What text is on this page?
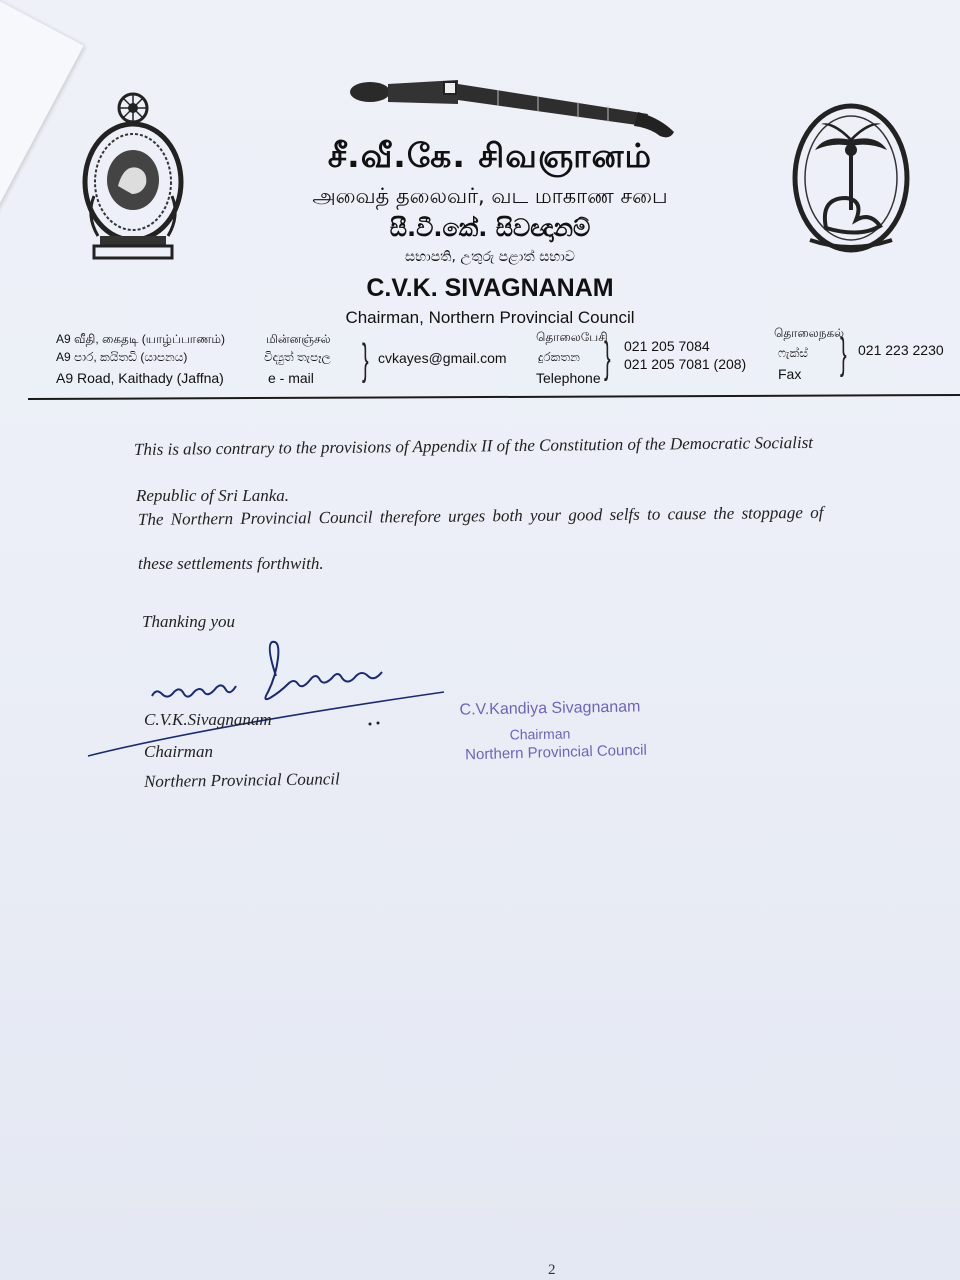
சீ.வீ.கே. சிவஞானம்
அவைத் தலைவர், வட மாகாண சபை
සී.වී.කේ. සිවඥානම්
සභාපති, උතුරු පළාත් සභාව
C.V.K. SIVAGNANAM
Chairman, Northern Provincial Council
A9 வீதி, கைதடி (யாழ்ப்பாணம்)
A9 පාර, කයිතඩි (යාපනය)
A9 Road, Kaithady (Jaffna)
மின்னஞ்சல்
විද්‍යුත් තැපෑල
e - mail } cvkayes@gmail.com
தொலைபேசி
දුරකතන
Telephone } 021 205 7084
021 205 7081 (208)
தொலைநகல்
ෆැක්ස්
Fax } 021 223 2230
This is also contrary to the provisions of Appendix II of the Constitution of the Democratic Socialist
Republic of Sri Lanka.
The Northern Provincial Council therefore urges both your good selfs to cause the stoppage of
these settlements forthwith.
Thanking you
C.V.K.Sivagnanam
Chairman
Northern Provincial Council
C.V.Kandiya Sivagnanam
Chairman
Northern Provincial Council
2
